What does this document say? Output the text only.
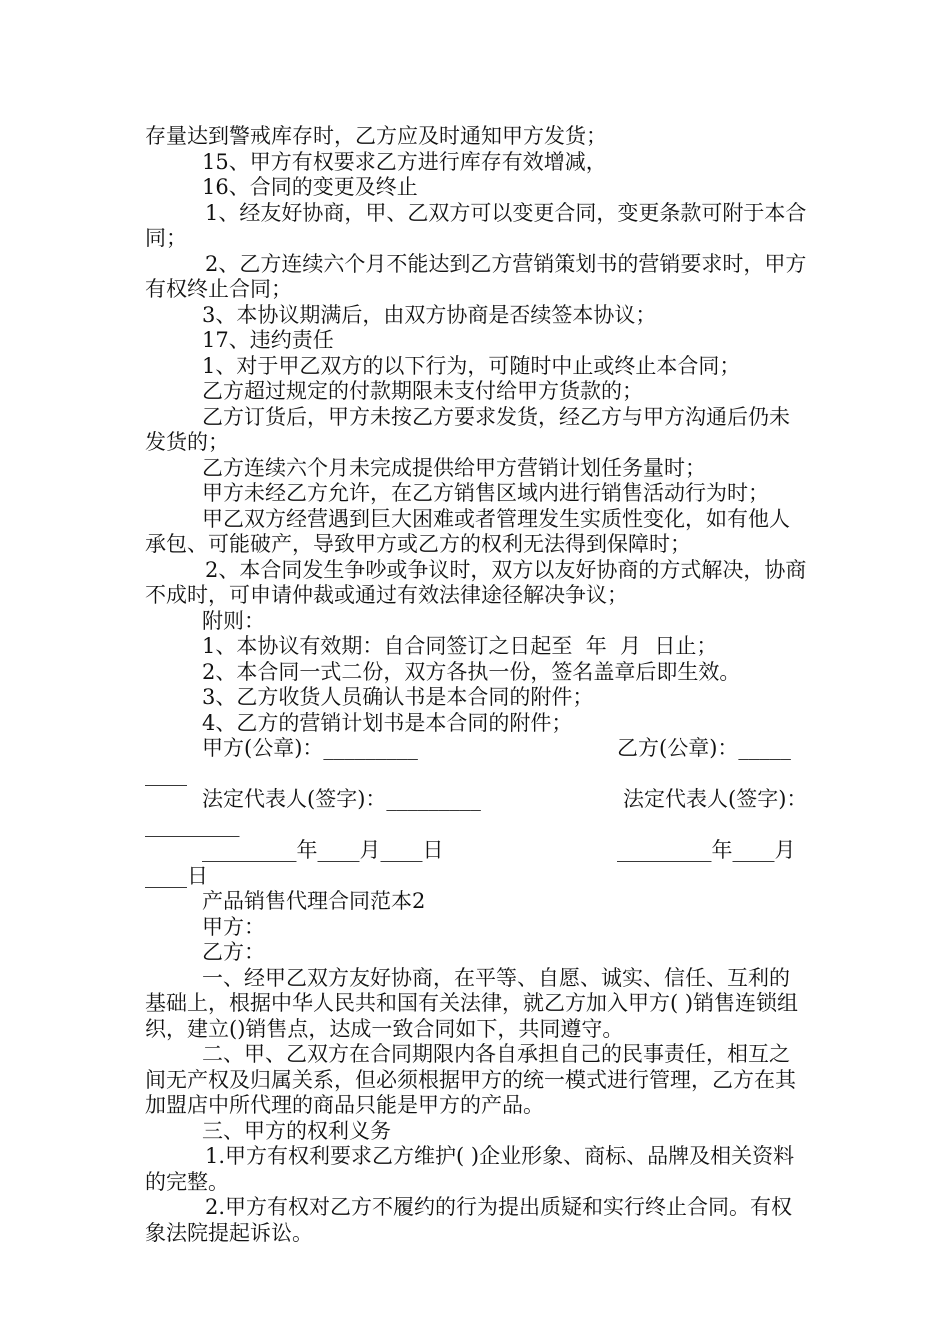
存量达到警戒库存时，乙方应及时通知甲方发货；

15、甲方有权要求乙方进行库存有效增减，

16、合同的变更及终止

1、经友好协商，甲、乙双方可以变更合同，变更条款可附于本合同；

2、乙方连续六个月不能达到乙方营销策划书的营销要求时，甲方有权终止合同；

3、本协议期满后，由双方协商是否续签本协议；

17、违约责任

1、对于甲乙双方的以下行为，可随时中止或终止本合同；

乙方超过规定的付款期限未支付给甲方货款的；

乙方订货后，甲方未按乙方要求发货，经乙方与甲方沟通后仍未发货的；

乙方连续六个月未完成提供给甲方营销计划任务量时；

甲方未经乙方允许，在乙方销售区域内进行销售活动行为时；

甲乙双方经营遇到巨大困难或者管理发生实质性变化，如有他人承包、可能破产，导致甲方或乙方的权利无法得到保障时；

2、本合同发生争吵或争议时，双方以友好协商的方式解决，协商不成时，可申请仲裁或通过有效法律途径解决争议；

附则：

1、本协议有效期：自合同签订之日起至  年  月  日止；

2、本合同一式二份，双方各执一份，签名盖章后即生效。

3、乙方收货人员确认书是本合同的附件；

4、乙方的营销计划书是本合同的附件；

甲方(公章)：_________

	乙方(公章)：_____

____

法定代表人(签字)：_________

	法定代表人(签字)：

_________

_________年____月____日

	_________年____月

____日

产品销售代理合同范本2

甲方：

乙方：

一、经甲乙双方友好协商，在平等、自愿、诚实、信任、互利的基础上，根据中华人民共和国有关法律，就乙方加入甲方( )销售连锁组织，建立()销售点，达成一致合同如下，共同遵守。

二、甲、乙双方在合同期限内各自承担自己的民事责任，相互之间无产权及归属关系，但必须根据甲方的统一模式进行管理，乙方在其加盟店中所代理的商品只能是甲方的产品。

三、甲方的权利义务

1.甲方有权利要求乙方维护( )企业形象、商标、品牌及相关资料的完整。

2.甲方有权对乙方不履约的行为提出质疑和实行终止合同。有权象法院提起诉讼。
